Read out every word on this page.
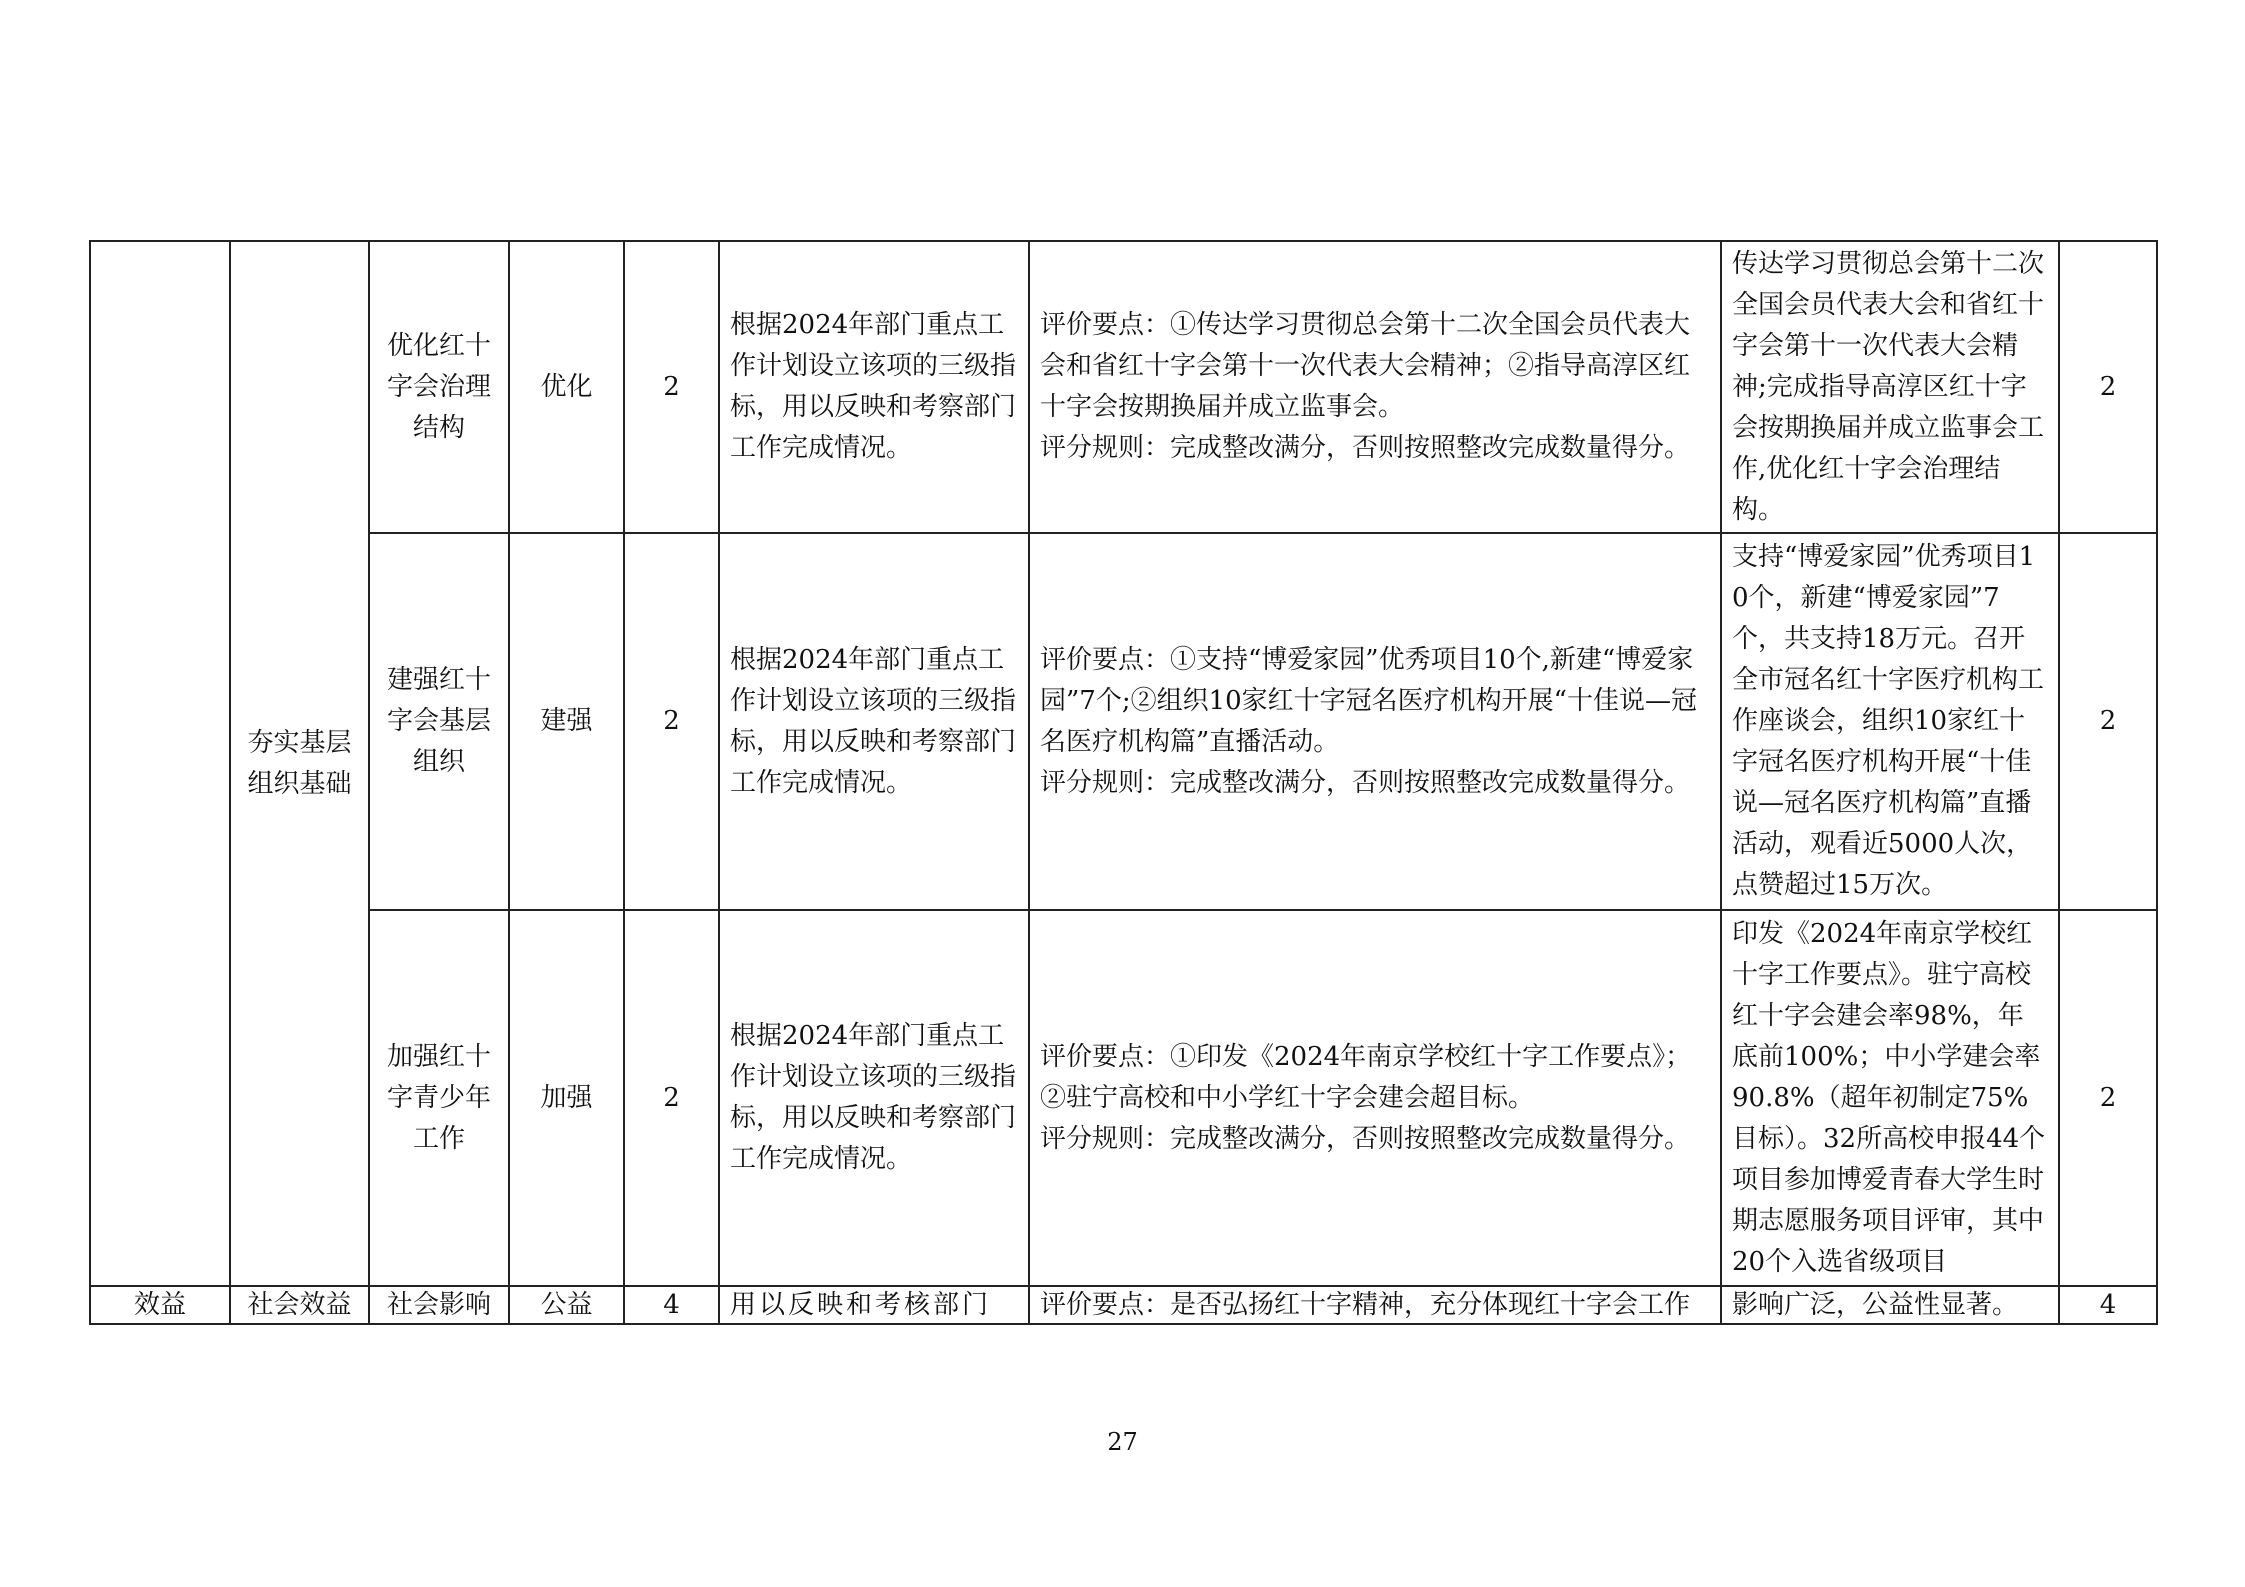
	夯实基层组织基础	优化红十字会治理结构	优化	2	根据2024年部门重点工作计划设立该项的三级指标，用以反映和考察部门工作完成情况。	评价要点：①传达学习贯彻总会第十二次全国会员代表大会和省红十字会第十一次代表大会精神；②指导高淳区红十字会按期换届并成立监事会。
评分规则：完成整改满分，否则按照整改完成数量得分。	传达学习贯彻总会第十二次全国会员代表大会和省红十字会第十一次代表大会精神;完成指导高淳区红十字会按期换届并成立监事会工作,优化红十字会治理结构。	2
		建强红十字会基层组织	建强	2	根据2024年部门重点工作计划设立该项的三级指标，用以反映和考察部门工作完成情况。	评价要点：①支持“博爱家园”优秀项目10个,新建“博爱家园”7个;②组织10家红十字冠名医疗机构开展“十佳说—冠名医疗机构篇”直播活动。
评分规则：完成整改满分，否则按照整改完成数量得分。	支持“博爱家园”优秀项目10个，新建“博爱家园”7个，共支持18万元。召开全市冠名红十字医疗机构工作座谈会，组织10家红十字冠名医疗机构开展“十佳说—冠名医疗机构篇”直播活动，观看近5000人次，点赞超过15万次。	2
		加强红十字青少年工作	加强	2	根据2024年部门重点工作计划设立该项的三级指标，用以反映和考察部门工作完成情况。	评价要点：①印发《2024年南京学校红十字工作要点》；②驻宁高校和中小学红十字会建会超目标。
评分规则：完成整改满分，否则按照整改完成数量得分。	印发《2024年南京学校红十字工作要点》。驻宁高校红十字会建会率98%，年底前100%；中小学建会率90.8%（超年初制定75%目标）。32所高校申报44个项目参加博爱青春大学生时期志愿服务项目评审，其中20个入选省级项目	2
效益	社会效益	社会影响	公益	4	用以反映和考核部门	评价要点：是否弘扬红十字精神，充分体现红十字会工作	影响广泛，公益性显著。	4
27
